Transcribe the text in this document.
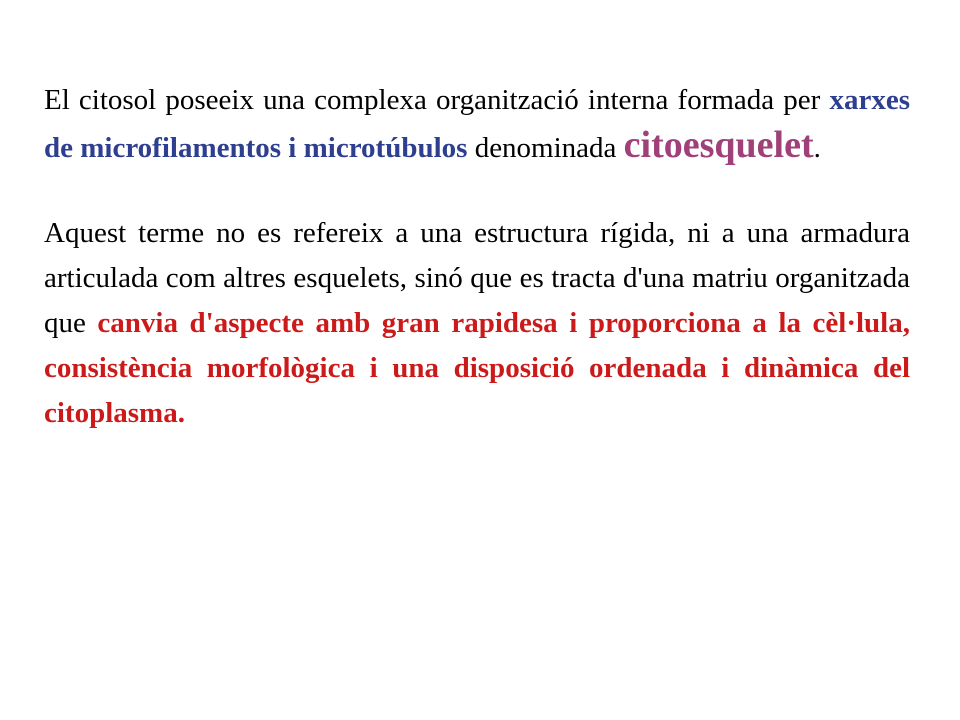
El citosol poseeix una complexa organització interna formada per xarxes de microfilamentos i microtúbulos denominada citoesquelet.

Aquest terme no es refereix a una estructura rígida, ni a una armadura articulada com altres esquelets, sinó que es tracta d'una matriu organitzada que canvia d'aspecte amb gran rapidesa i proporciona a la cèl·lula, consistència morfològica i una disposició ordenada i dinàmica del citoplasma.
